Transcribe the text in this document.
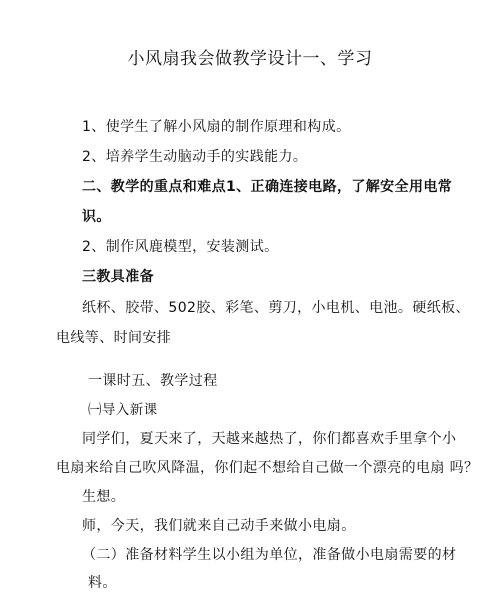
小风扇我会做教学设计一、学习
1、使学生了解小风扇的制作原理和构成。
2、培养学生动脑动手的实践能力。
二、教学的重点和难点1、正确连接电路，了解安全用电常
识。
2、制作风鹿模型，安装测试。
三教具准备
纸杯、胶带、502胶、彩笔、剪刀，小电机、电池。硬纸板、
电线等、时间安排
一课时五、教学过程
㈠导入新课
同学们，夏天来了，天越来越热了，你们都喜欢手里拿个小
电扇来给自己吹风降温，你们起不想给自己做一个漂亮的电扇 吗？
生想。
师，今天，我们就来自己动手来做小电扇。
（二）准备材料学生以小组为单位，准备做小电扇需要的材
料。
